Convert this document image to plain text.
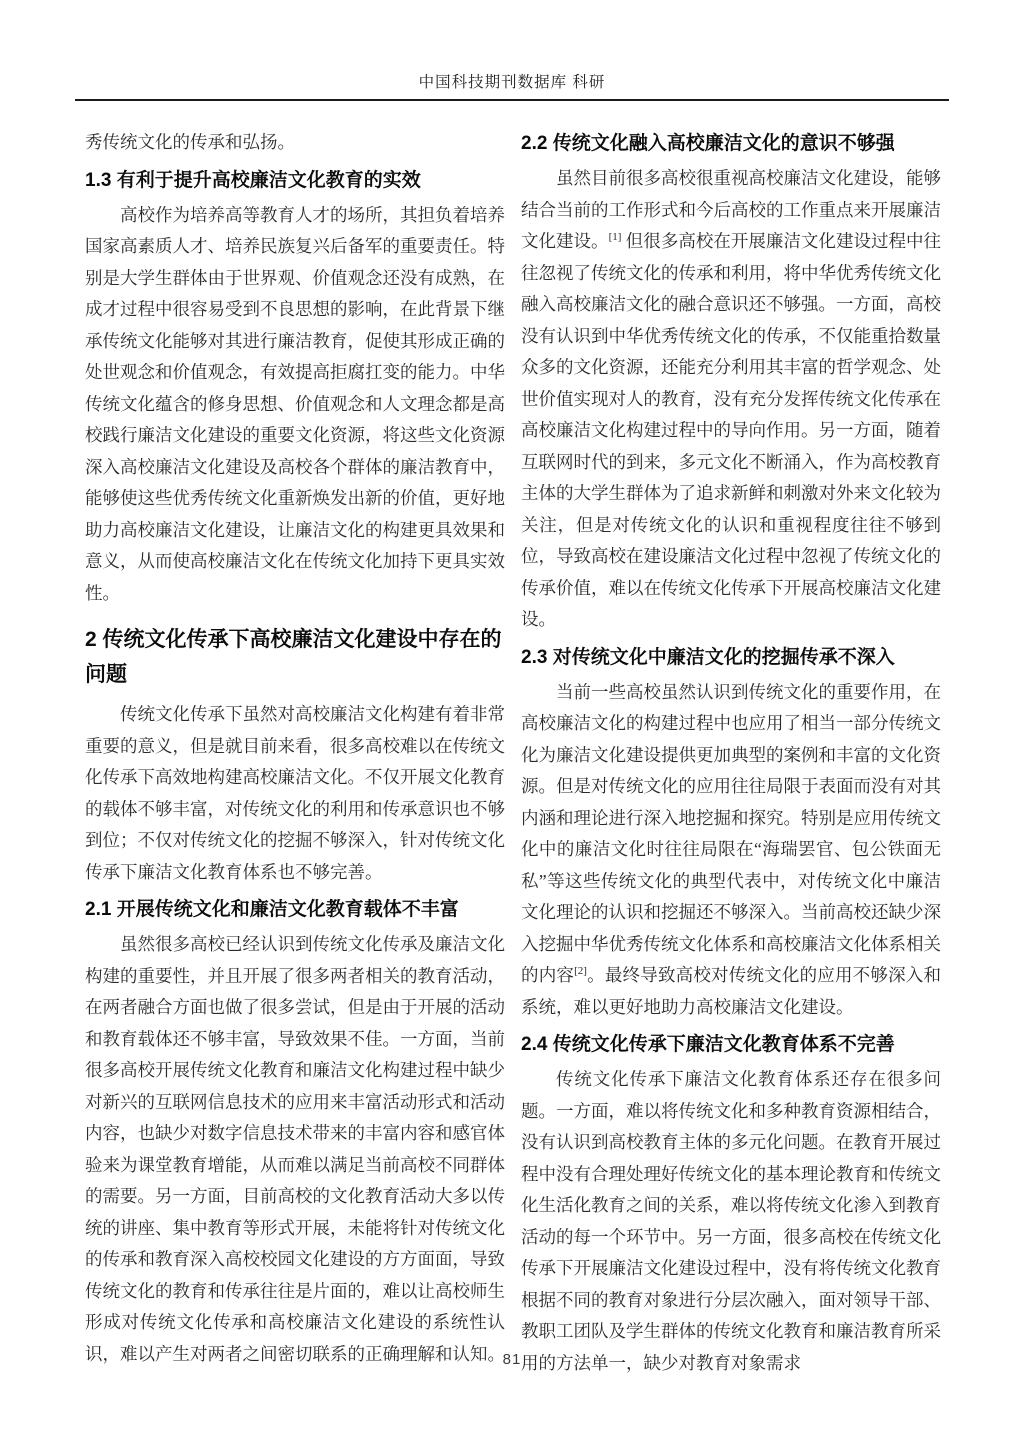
中国科技期刊数据库 科研

秀传统文化的传承和弘扬。

1.3 有利于提升高校廉洁文化教育的实效

高校作为培养高等教育人才的场所，其担负着培养国家高素质人才、培养民族复兴后备军的重要责任。特别是大学生群体由于世界观、价值观念还没有成熟，在成才过程中很容易受到不良思想的影响，在此背景下继承传统文化能够对其进行廉洁教育，促使其形成正确的处世观念和价值观念，有效提高拒腐扛变的能力。中华传统文化蕴含的修身思想、价值观念和人文理念都是高校践行廉洁文化建设的重要文化资源，将这些文化资源深入高校廉洁文化建设及高校各个群体的廉洁教育中，能够使这些优秀传统文化重新焕发出新的价值，更好地助力高校廉洁文化建设，让廉洁文化的构建更具效果和意义，从而使高校廉洁文化在传统文化加持下更具实效性。

2 传统文化传承下高校廉洁文化建设中存在的问题

传统文化传承下虽然对高校廉洁文化构建有着非常重要的意义，但是就目前来看，很多高校难以在传统文化传承下高效地构建高校廉洁文化。不仅开展文化教育的载体不够丰富，对传统文化的利用和传承意识也不够到位；不仅对传统文化的挖掘不够深入，针对传统文化传承下廉洁文化教育体系也不够完善。

2.1 开展传统文化和廉洁文化教育载体不丰富

虽然很多高校已经认识到传统文化传承及廉洁文化构建的重要性，并且开展了很多两者相关的教育活动，在两者融合方面也做了很多尝试，但是由于开展的活动和教育载体还不够丰富，导致效果不佳。一方面，当前很多高校开展传统文化教育和廉洁文化构建过程中缺少对新兴的互联网信息技术的应用来丰富活动形式和活动内容，也缺少对数字信息技术带来的丰富内容和感官体验来为课堂教育增能，从而难以满足当前高校不同群体的需要。另一方面，目前高校的文化教育活动大多以传统的讲座、集中教育等形式开展，未能将针对传统文化的传承和教育深入高校校园文化建设的方方面面，导致传统文化的教育和传承往往是片面的，难以让高校师生形成对传统文化传承和高校廉洁文化建设的系统性认识，难以产生对两者之间密切联系的正确理解和认知。

2.2 传统文化融入高校廉洁文化的意识不够强

虽然目前很多高校很重视高校廉洁文化建设，能够结合当前的工作形式和今后高校的工作重点来开展廉洁文化建设。[1] 但很多高校在开展廉洁文化建设过程中往往忽视了传统文化的传承和利用，将中华优秀传统文化融入高校廉洁文化的融合意识还不够强。一方面，高校没有认识到中华优秀传统文化的传承，不仅能重拾数量众多的文化资源，还能充分利用其丰富的哲学观念、处世价值实现对人的教育，没有充分发挥传统文化传承在高校廉洁文化构建过程中的导向作用。另一方面，随着互联网时代的到来，多元文化不断涌入，作为高校教育主体的大学生群体为了追求新鲜和刺激对外来文化较为关注，但是对传统文化的认识和重视程度往往不够到位，导致高校在建设廉洁文化过程中忽视了传统文化的传承价值，难以在传统文化传承下开展高校廉洁文化建设。

2.3 对传统文化中廉洁文化的挖掘传承不深入

当前一些高校虽然认识到传统文化的重要作用，在高校廉洁文化的构建过程中也应用了相当一部分传统文化为廉洁文化建设提供更加典型的案例和丰富的文化资源。但是对传统文化的应用往往局限于表面而没有对其内涵和理论进行深入地挖掘和探究。特别是应用传统文化中的廉洁文化时往往局限在“海瑞罢官、包公铁面无私”等这些传统文化的典型代表中，对传统文化中廉洁文化理论的认识和挖掘还不够深入。当前高校还缺少深入挖掘中华优秀传统文化体系和高校廉洁文化体系相关的内容[2]。最终导致高校对传统文化的应用不够深入和系统，难以更好地助力高校廉洁文化建设。

2.4 传统文化传承下廉洁文化教育体系不完善

传统文化传承下廉洁文化教育体系还存在很多问题。一方面，难以将传统文化和多种教育资源相结合，没有认识到高校教育主体的多元化问题。在教育开展过程中没有合理处理好传统文化的基本理论教育和传统文化生活化教育之间的关系，难以将传统文化渗入到教育活动的每一个环节中。另一方面，很多高校在传统文化传承下开展廉洁文化建设过程中，没有将传统文化教育根据不同的教育对象进行分层次融入，面对领导干部、教职工团队及学生群体的传统文化教育和廉洁教育所采用的方法单一，缺少对教育对象需求

81
